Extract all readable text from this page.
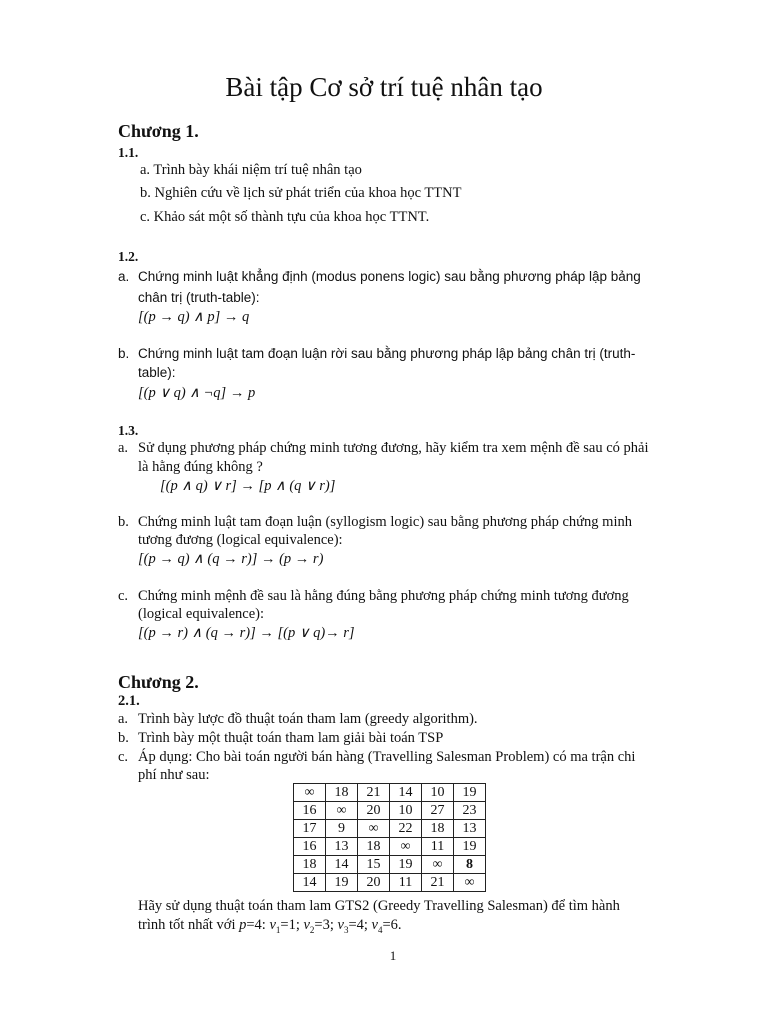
Bài tập Cơ sở trí tuệ nhân tạo
Chương 1.
1.1.
a. Trình bày khái niệm trí tuệ nhân tạo
b. Nghiên cứu về lịch sử phát triển của khoa học TTNT
c. Khảo sát một số thành tựu của khoa học TTNT.
1.2.
a. Chứng minh luật khẳng định (modus ponens logic) sau bằng phương pháp lập bảng
chân trị (truth-table):
[(p → q) ∧ p] → q
b. Chứng minh luật tam đoạn luận rời sau bằng phương pháp lập bảng chân trị (truth-
table):
[(p ∨ q) ∧ ¬q] → p
1.3.
a. Sử dụng phương pháp chứng minh tương đương, hãy kiểm tra xem mệnh đề sau có phải
là hằng đúng không ?
[(p ∧ q) ∨ r] → [p ∧ (q ∨ r)]
b. Chứng minh luật tam đoạn luận (syllogism logic) sau bằng phương pháp chứng minh
tương đương (logical equivalence):
[(p → q) ∧ (q → r)] → (p → r)
c. Chứng minh mệnh đề sau là hằng đúng bằng phương pháp chứng minh tương đương
(logical equivalence):
[(p → r) ∧ (q → r)] → [(p ∨ q)→ r]
Chương 2.
2.1.
a. Trình bày lược đồ thuật toán tham lam (greedy algorithm).
b. Trình bày một thuật toán tham lam giải bài toán TSP
c. Áp dụng: Cho bài toán người bán hàng (Travelling Salesman Problem) có ma trận chi
phí như sau:
∞	18	21	14	10	19
16	∞	20	10	27	23
17	9	∞	22	18	13
16	13	18	∞	11	19
18	14	15	19	∞	8
14	19	20	11	21	∞
Hãy sử dụng thuật toán tham lam GTS2 (Greedy Travelling Salesman) để tìm hành
trình tốt nhất với p=4: $v_1=1$; $v_2=3$; $v_3=4$; $v_4=6$.
1
